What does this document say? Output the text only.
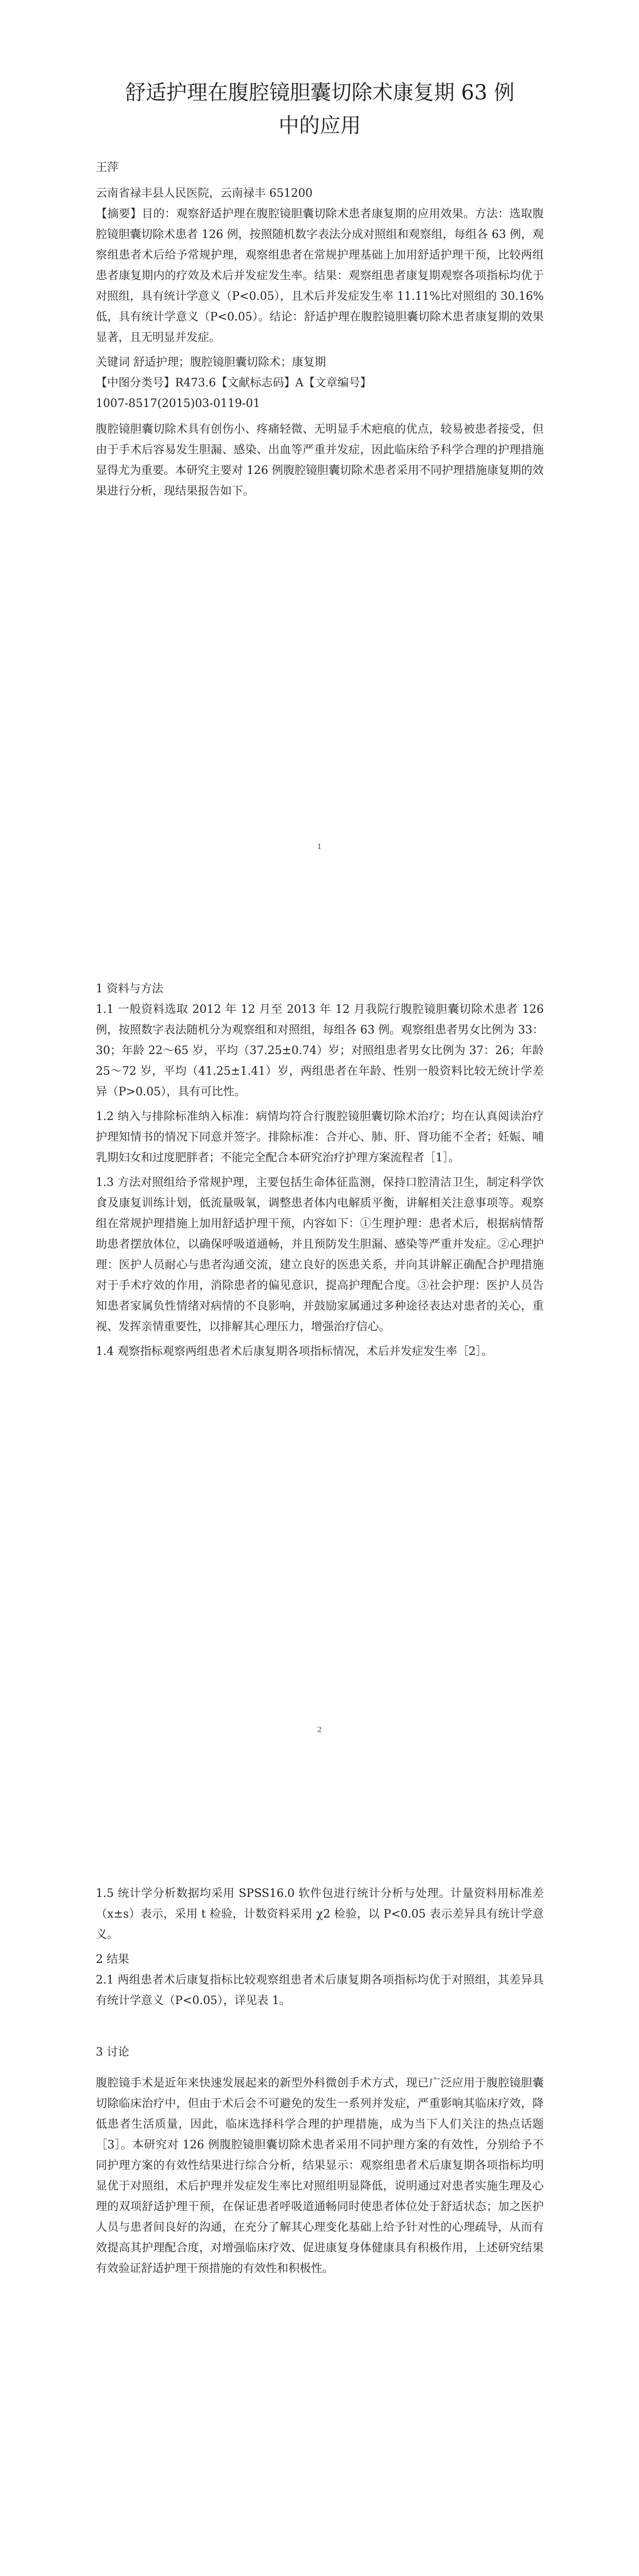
舒适护理在腹腔镜胆囊切除术康复期 63 例
中的应用
王萍
云南省禄丰县人民医院，云南禄丰 651200

【摘要】目的：观察舒适护理在腹腔镜胆囊切除术患者康复期的应用效果。方法：选取腹腔镜胆囊切除术患者 126 例，按照随机数字表法分成对照组和观察组，每组各 63 例，观察组患者术后给予常规护理，观察组患者在常规护理基础上加用舒适护理干预，比较两组患者康复期内的疗效及术后并发症发生率。结果：观察组患者康复期观察各项指标均优于对照组，具有统计学意义（P<0.05），且术后并发症发生率 11.11%比对照组的 30.16%低，具有统计学意义（P<0.05）。结论：舒适护理在腹腔镜胆囊切除术患者康复期的效果显著，且无明显并发症。

关键词 舒适护理；腹腔镜胆囊切除术；康复期
【中图分类号】R473.6【文献标志码】A【文章编号】
1007-8517(2015)03-0119-01

腹腔镜胆囊切除术具有创伤小、疼痛轻微、无明显手术疤痕的优点，较易被患者接受，但由于手术后容易发生胆漏、感染、出血等严重并发症，因此临床给予科学合理的护理措施显得尤为重要。本研究主要对 126 例腹腔镜胆囊切除术患者采用不同护理措施康复期的效果进行分析，现结果报告如下。

1
1 资料与方法

1.1 一般资料选取 2012 年 12 月至 2013 年 12 月我院行腹腔镜胆囊切除术患者 126 例，按照数字表法随机分为观察组和对照组，每组各 63 例。观察组患者男女比例为 33：30；年龄 22～65 岁，平均（37.25±0.74）岁；对照组患者男女比例为 37：26；年龄 25～72 岁，平均（41.25±1.41）岁，两组患者在年龄、性别一般资料比较无统计学差异（P>0.05），具有可比性。

1.2 纳入与排除标准纳入标准：病情均符合行腹腔镜胆囊切除术治疗；均在认真阅读治疗护理知情书的情况下同意并签字。排除标准：合并心、肺、肝、肾功能不全者；妊娠、哺乳期妇女和过度肥胖者；不能完全配合本研究治疗护理方案流程者［1］。

1.3 方法对照组给予常规护理，主要包括生命体征监测，保持口腔清洁卫生，制定科学饮食及康复训练计划，低流量吸氧，调整患者体内电解质平衡，讲解相关注意事项等。观察组在常规护理措施上加用舒适护理干预，内容如下：①生理护理：患者术后，根据病情帮助患者摆放体位，以确保呼吸道通畅，并且预防发生胆漏、感染等严重并发症。②心理护理：医护人员耐心与患者沟通交流，建立良好的医患关系，并向其讲解正确配合护理措施对于手术疗效的作用，消除患者的偏见意识，提高护理配合度。③社会护理：医护人员告知患者家属负性情绪对病情的不良影响，并鼓励家属通过多种途径表达对患者的关心，重视、发挥亲情重要性，以排解其心理压力，增强治疗信心。

1.4 观察指标观察两组患者术后康复期各项指标情况，术后并发症发生率［2］。

2

1.5 统计学分析数据均采用 SPSS16.0 软件包进行统计分析与处理。计量资料用标准差（x±s）表示，采用 t 检验，计数资料采用 χ2 检验，以 P<0.05 表示差异具有统计学意义。

2 结果

2.1 两组患者术后康复指标比较观察组患者术后康复期各项指标均优于对照组，其差异具有统计学意义（P<0.05），详见表 1。

3 讨论

腹腔镜手术是近年来快速发展起来的新型外科微创手术方式，现已广泛应用于腹腔镜胆囊切除临床治疗中，但由于术后会不可避免的发生一系列并发症，严重影响其临床疗效，降低患者生活质量，因此，临床选择科学合理的护理措施，成为当下人们关注的热点话题［3］。本研究对 126 例腹腔镜胆囊切除术患者采用不同护理方案的有效性，分别给予不同护理方案的有效性结果进行综合分析，结果显示：观察组患者术后康复期各项指标均明显优于对照组，术后护理并发症发生率比对照组明显降低，说明通过对患者实施生理及心理的双项舒适护理干预，在保证患者呼吸道通畅同时使患者体位处于舒适状态；加之医护人员与患者间良好的沟通，在充分了解其心理变化基础上给予针对性的心理疏导，从而有效提高其护理配合度，对增强临床疗效、促进康复身体健康具有积极作用，上述研究结果有效验证舒适护理干预措施的有效性和积极性。
